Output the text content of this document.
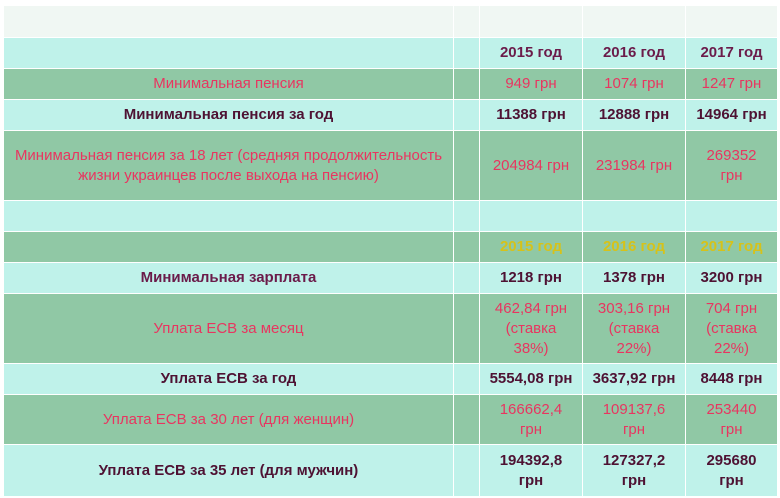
		2015 год	2016 год	2017 год
Минимальная пенсия		949 грн	1074 грн	1247 грн
Минимальная пенсия за год		11388 грн	12888 грн	14964 грн
Минимальная пенсия за 18 лет (средняя продолжительность жизни украинцев после выхода на пенсию)		204984 грн	231984 грн	269352 грн

		2015 год	2016 год	2017 год
Минимальная зарплата		1218 грн	1378 грн	3200 грн
Уплата ЕСВ за месяц		462,84 грн (ставка 38%)	303,16 грн (ставка 22%)	704 грн (ставка 22%)
Уплата ЕСВ за год		5554,08 грн	3637,92 грн	8448 грн
Уплата ЕСВ за 30 лет (для женщин)		166662,4 грн	109137,6 грн	253440 грн
Уплата ЕСВ за 35 лет (для мужчин)		194392,8 грн	127327,2 грн	295680 грн
